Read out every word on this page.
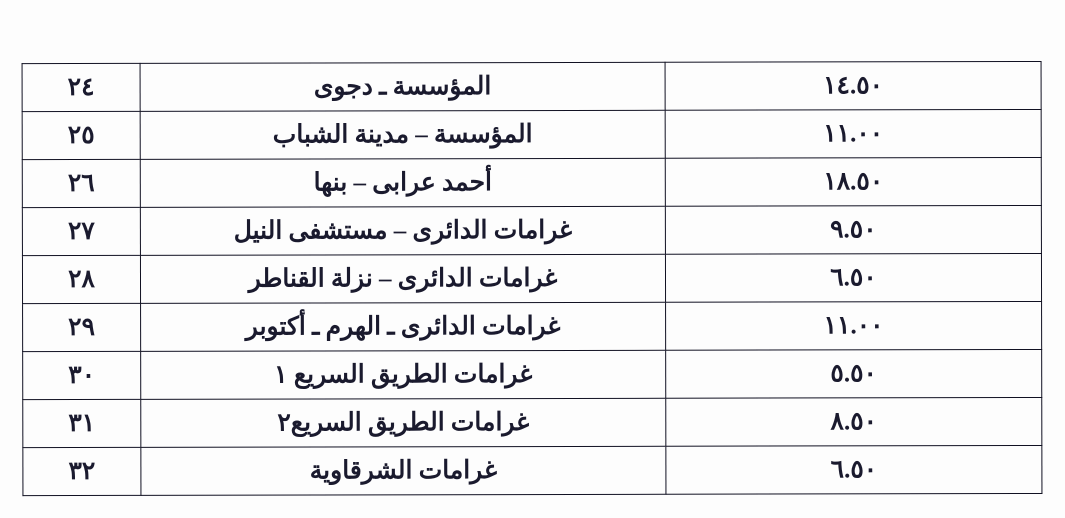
١٤.٥٠	المؤسسة ـ دجوى	٢٤
١١.٠٠	المؤسسة – مدينة الشباب	٢٥
١٨.٥٠	أحمد عرابى – بنها	٢٦
٩.٥٠	غرامات الدائرى – مستشفى النيل	٢٧
٦.٥٠	غرامات الدائرى – نزلة القناطر	٢٨
١١.٠٠	غرامات الدائرى ـ الهرم ـ أكتوبر	٢٩
٥.٥٠	غرامات الطريق السريع ١	٣٠
٨.٥٠	غرامات الطريق السريع٢	٣١
٦.٥٠	غرامات الشرقاوية	٣٢
